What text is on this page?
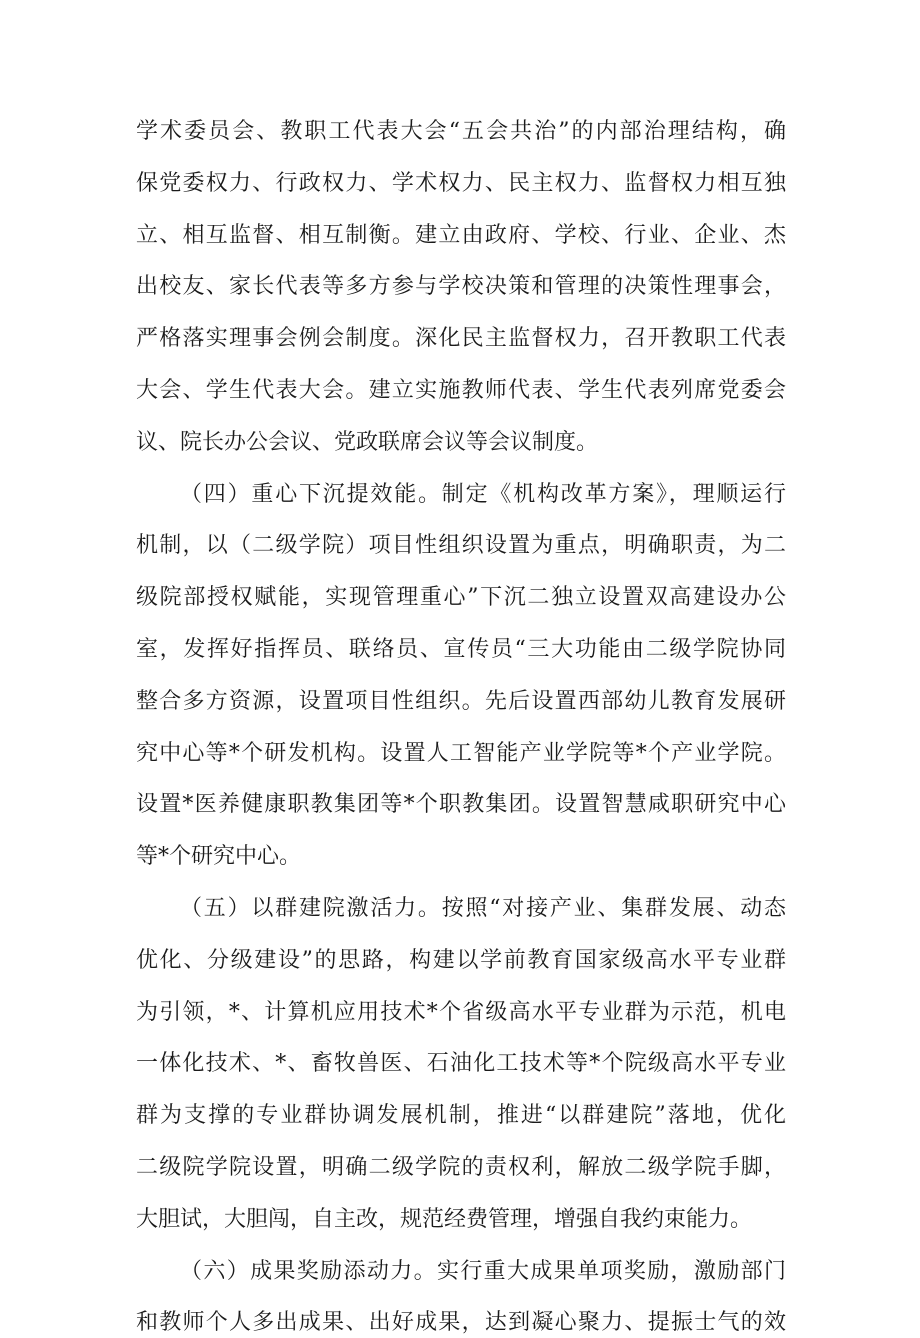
学术委员会、教职工代表大会“五会共治”的内部治理结构，确
保党委权力、行政权力、学术权力、民主权力、监督权力相互独
立、相互监督、相互制衡。建立由政府、学校、行业、企业、杰
出校友、家长代表等多方参与学校决策和管理的决策性理事会，
严格落实理事会例会制度。深化民主监督权力，召开教职工代表
大会、学生代表大会。建立实施教师代表、学生代表列席党委会
议、院长办公会议、党政联席会议等会议制度。
（四）重心下沉提效能。制定《机构改革方案》，理顺运行
机制，以（二级学院）项目性组织设置为重点，明确职责，为二
级院部授权赋能，实现管理重心”下沉二独立设置双高建设办公
室，发挥好指挥员、联络员、宣传员“三大功能由二级学院协同
整合多方资源，设置项目性组织。先后设置西部幼儿教育发展研
究中心等*个研发机构。设置人工智能产业学院等*个产业学院。
设置*医养健康职教集团等*个职教集团。设置智慧咸职研究中心
等*个研究中心。
（五）以群建院激活力。按照“对接产业、集群发展、动态
优化、分级建设”的思路，构建以学前教育国家级高水平专业群
为引领，*、计算机应用技术*个省级高水平专业群为示范，机电
一体化技术、*、畜牧兽医、石油化工技术等*个院级高水平专业
群为支撑的专业群协调发展机制，推进“以群建院”落地，优化
二级院学院设置，明确二级学院的责权利，解放二级学院手脚，
大胆试，大胆闯，自主改，规范经费管理，增强自我约束能力。
（六）成果奖励添动力。实行重大成果单项奖励，激励部门
和教师个人多出成果、出好成果，达到凝心聚力、提振士气的效
